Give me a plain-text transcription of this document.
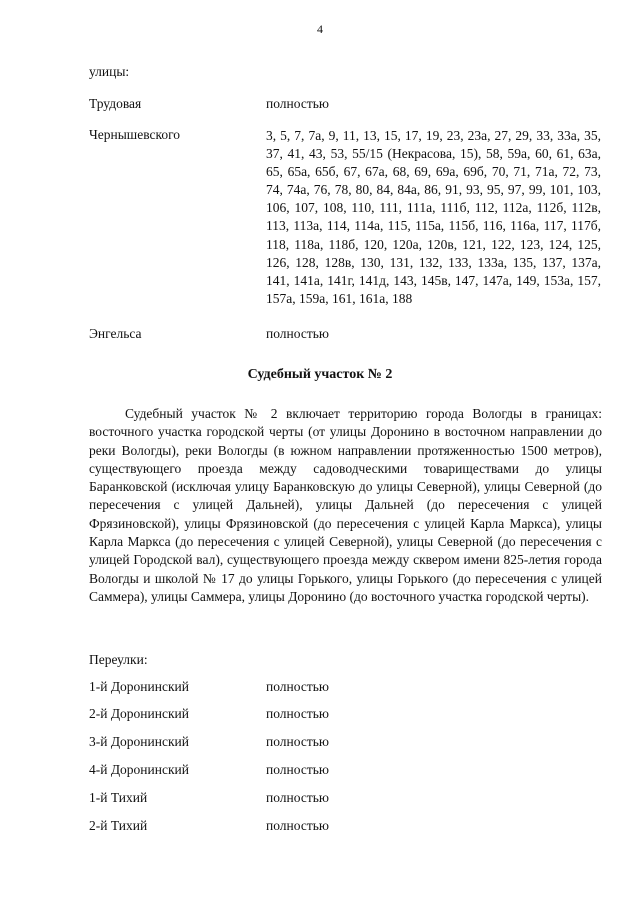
4
улицы:
Трудовая	полностью
Чернышевского	3, 5, 7, 7а, 9, 11, 13, 15, 17, 19, 23, 23а, 27, 29, 33, 33а, 35, 37, 41, 43, 53, 55/15 (Некрасова, 15), 58, 59а, 60, 61, 63а, 65, 65а, 65б, 67, 67а, 68, 69, 69а, 69б, 70, 71, 71а, 72, 73, 74, 74а, 76, 78, 80, 84, 84а, 86, 91, 93, 95, 97, 99, 101, 103, 106, 107, 108, 110, 111, 111а, 111б, 112, 112а, 112б, 112в, 113, 113а, 114, 114а, 115, 115а, 115б, 116, 116а, 117, 117б, 118, 118а, 118б, 120, 120а, 120в, 121, 122, 123, 124, 125, 126, 128, 128в, 130, 131, 132, 133, 133а, 135, 137, 137а, 141, 141а, 141г, 141д, 143, 145в, 147, 147а, 149, 153а, 157, 157а, 159а, 161, 161а, 188
Энгельса	полностью
Судебный участок № 2
Судебный участок № 2 включает территорию города Вологды в границах: восточного участка городской черты (от улицы Доронино в восточном направлении до реки Вологды), реки Вологды (в южном направлении протяженностью 1500 метров), существующего проезда между садоводческими товариществами до улицы Баранковской (исключая улицу Баранковскую до улицы Северной), улицы Северной (до пересечения с улицей Дальней), улицы Дальней (до пересечения с улицей Фрязиновской), улицы Фрязиновской (до пересечения с улицей Карла Маркса), улицы Карла Маркса (до пересечения с улицей Северной), улицы Северной (до пересечения с улицей Городской вал), существующего проезда между сквером имени 825-летия города Вологды и школой № 17 до улицы Горького, улицы Горького (до пересечения с улицей Саммера), улицы Саммера, улицы Доронино (до восточного участка городской черты).
Переулки:
1-й Доронинский	полностью
2-й Доронинский	полностью
3-й Доронинский	полностью
4-й Доронинский	полностью
1-й Тихий	полностью
2-й Тихий	полностью
